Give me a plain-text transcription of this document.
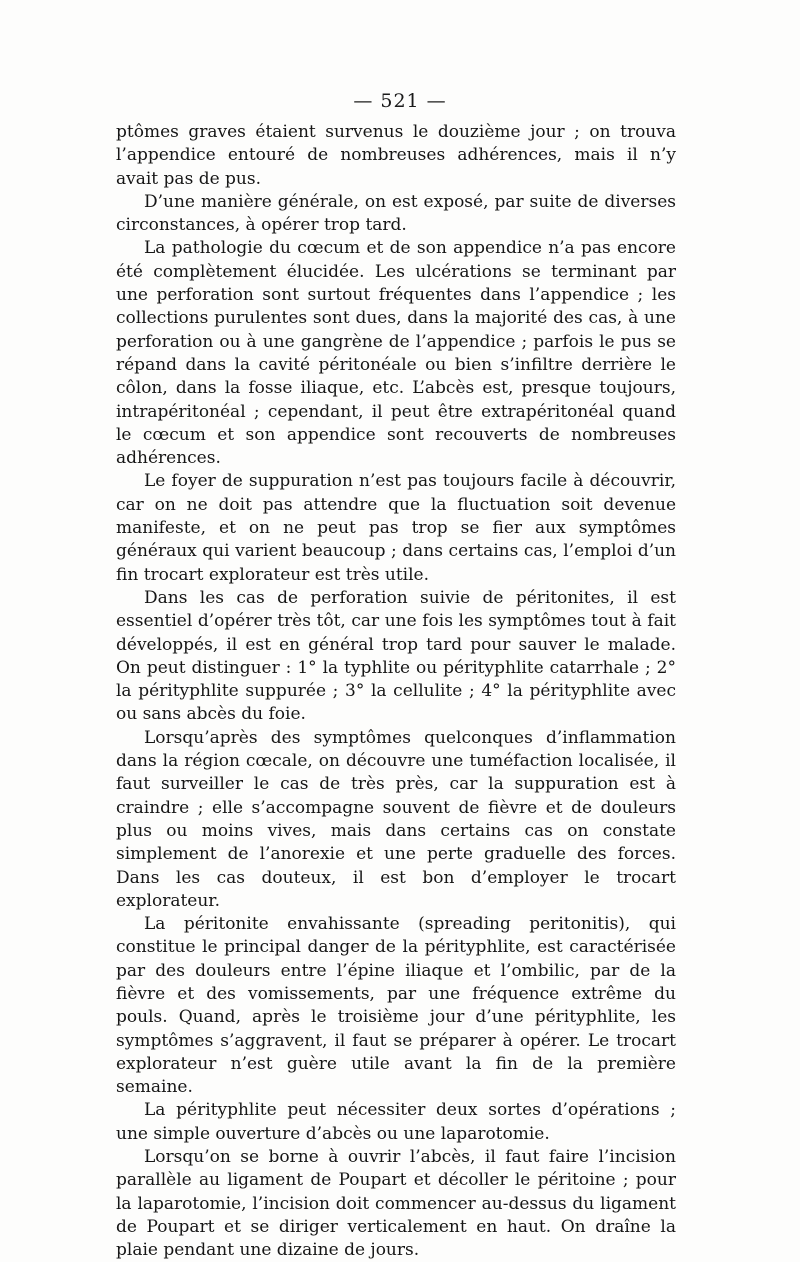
— 521 —

ptômes graves étaient survenus le douzième jour ; on trouva l’appendice entouré de nombreuses adhérences, mais il n’y avait pas de pus.

D’une manière générale, on est exposé, par suite de diverses circonstances, à opérer trop tard.

La pathologie du cœcum et de son appendice n’a pas encore été complètement élucidée. Les ulcérations se terminant par une perforation sont surtout fréquentes dans l’appendice ; les collections purulentes sont dues, dans la majorité des cas, à une perforation ou à une gangrène de l’appendice ; parfois le pus se répand dans la cavité péritonéale ou bien s’infiltre derrière le côlon, dans la fosse iliaque, etc. L’abcès est, presque toujours, intrapéritonéal ; cependant, il peut être extrapéritonéal quand le cœcum et son appendice sont recouverts de nombreuses adhérences.

Le foyer de suppuration n’est pas toujours facile à découvrir, car on ne doit pas attendre que la fluctuation soit devenue manifeste, et on ne peut pas trop se fier aux symptômes généraux qui varient beaucoup ; dans certains cas, l’emploi d’un fin trocart explorateur est très utile.

Dans les cas de perforation suivie de péritonites, il est essentiel d’opérer très tôt, car une fois les symptômes tout à fait développés, il est en général trop tard pour sauver le malade. On peut distinguer : 1° la typhlite ou pérityphlite catarrhale ; 2° la pérityphlite suppurée ; 3° la cellulite ; 4° la pérityphlite avec ou sans abcès du foie.

Lorsqu’après des symptômes quelconques d’inflammation dans la région cœcale, on découvre une tuméfaction localisée, il faut surveiller le cas de très près, car la suppuration est à craindre ; elle s’accompagne souvent de fièvre et de douleurs plus ou moins vives, mais dans certains cas on constate simplement de l’anorexie et une perte graduelle des forces. Dans les cas douteux, il est bon d’employer le trocart explorateur.

La péritonite envahissante (spreading peritonitis), qui constitue le principal danger de la pérityphlite, est caractérisée par des douleurs entre l’épine iliaque et l’ombilic, par de la fièvre et des vomissements, par une fréquence extrême du pouls. Quand, après le troisième jour d’une pérityphlite, les symptômes s’aggravent, il faut se préparer à opérer. Le trocart explorateur n’est guère utile avant la fin de la première semaine.

La pérityphlite peut nécessiter deux sortes d’opérations ; une simple ouverture d’abcès ou une laparotomie.

Lorsqu’on se borne à ouvrir l’abcès, il faut faire l’incision parallèle au ligament de Poupart et décoller le péritoine ; pour la laparotomie, l’incision doit commencer au-dessus du ligament de Poupart et se diriger verticalement en haut. On draîne la plaie pendant une dizaine de jours.
